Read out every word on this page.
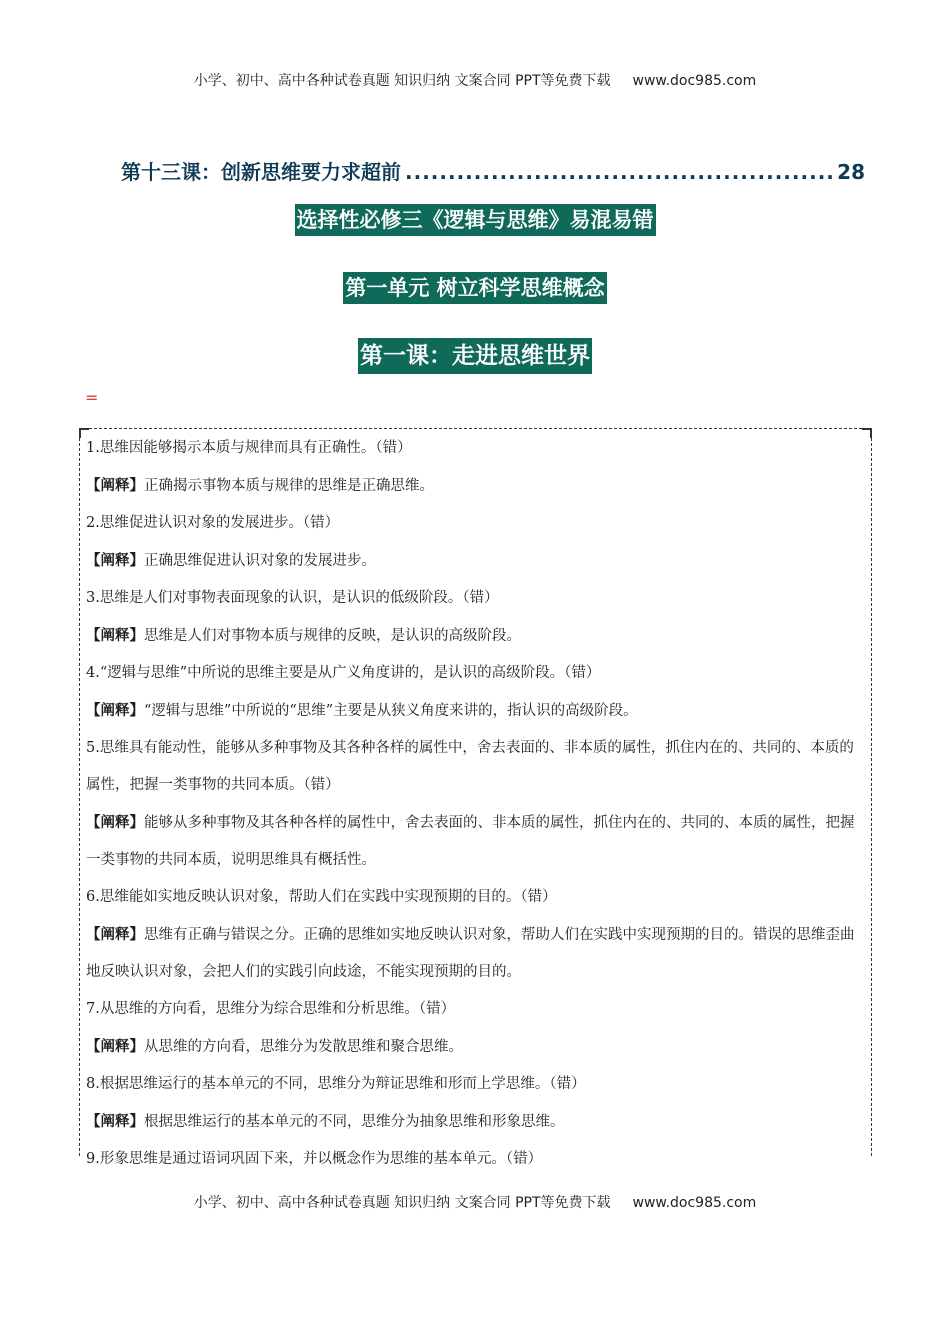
小学、初中、高中各种试卷真题 知识归纳 文案合同 PPT等免费下载 www.doc985.com
第十三课：创新思维要力求超前
.....	28
选择性必修三《逻辑与思维》易混易错
第一单元 树立科学思维概念
第一课：走进思维世界
=

1.思维因能够揭示本质与规律而具有正确性。（错）

【阐释】正确揭示事物本质与规律的思维是正确思维。

2.思维促进认识对象的发展进步。（错）

【阐释】正确思维促进认识对象的发展进步。

3.思维是人们对事物表面现象的认识，是认识的低级阶段。（错）

【阐释】思维是人们对事物本质与规律的反映，是认识的高级阶段。

4.“逻辑与思维”中所说的思维主要是从广义角度讲的，是认识的高级阶段。（错）

【阐释】“逻辑与思维”中所说的“思维”主要是从狭义角度来讲的，指认识的高级阶段。

5.思维具有能动性，能够从多种事物及其各种各样的属性中，舍去表面的、非本质的属性，抓住内在的、共同的、本质的属性，把握一类事物的共同本质。（错）

【阐释】能够从多种事物及其各种各样的属性中，舍去表面的、非本质的属性，抓住内在的、共同的、本质的属性，把握一类事物的共同本质，说明思维具有概括性。

6.思维能如实地反映认识对象，帮助人们在实践中实现预期的目的。（错）

【阐释】思维有正确与错误之分。正确的思维如实地反映认识对象，帮助人们在实践中实现预期的目的。错误的思维歪曲地反映认识对象，会把人们的实践引向歧途，不能实现预期的目的。

7.从思维的方向看，思维分为综合思维和分析思维。（错）

【阐释】从思维的方向看，思维分为发散思维和聚合思维。

8.根据思维运行的基本单元的不同，思维分为辩证思维和形而上学思维。（错）

【阐释】根据思维运行的基本单元的不同，思维分为抽象思维和形象思维。

9.形象思维是通过语词巩固下来，并以概念作为思维的基本单元。（错）

小学、初中、高中各种试卷真题 知识归纳 文案合同 PPT等免费下载 www.doc985.com
